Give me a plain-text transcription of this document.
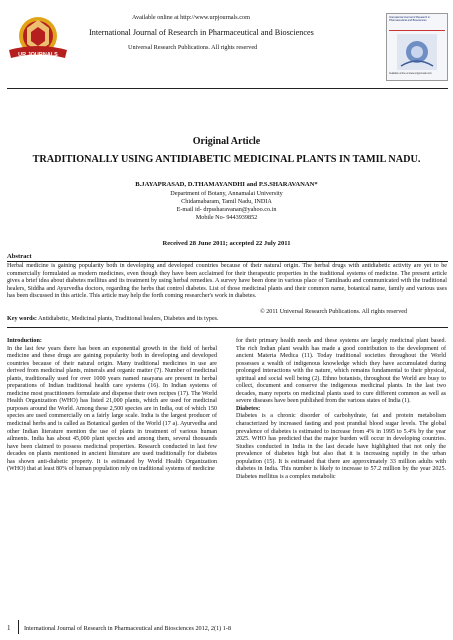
UR JOURNALS
Available online at http://www.urpjournals.com
International Journal of Research in Pharmaceutical and Biosciences
Universal Research Publications. All rights reserved
International Journal of Research in Pharmaceutical and Biosciences
Available online at www.urpjournals.com
Original Article
TRADITIONALLY USING ANTIDIABETIC MEDICINAL PLANTS IN TAMIL NADU.
B.JAYAPRASAD, D.THAMAYANDHI and P.S.SHARAVANAN*
Department of Botany, Annamalai University
Chidamabaram, Tamil Nadu, INDIA
E-mail id- drpssharavanan@yahoo.co.in
Mobile No- 9443939852
Received 28 June 2011; accepted 22 July 2011
Abstract
Herbal medicine is gaining popularity both in developing and developed countries because of their natural origin. The herbal drugs with antidiabetic activity are yet to be commercially formulated as modern medicines, even though they have been acclaimed for their therapeutic properties in the traditional systems of medicine. The present article gives a brief idea about diabetes mellitus and its treatment by using herbal remedies. A survey have been done in various place of Tamilnadu and communicated with the traditional healers, Siddha and Ayurvedha doctors, regarding the herbs that control diabetes. List of those medicinal plants and their common name, botanical name, family and various uses has been discussed in this article. This article may help the forth coming researcher's work in diabetes.
© 2011 Universal Research Publications. All rights reserved
Key words: Antidiabetic, Medicinal plants, Traditional healers, Diabetes and its types.

Introduction:

In the last few years there has been an exponential growth in the field of herbal medicine and these drugs are gaining popularity both in developing and developed countries because of their natural origin. Many traditional medicines in use are derived from medicinal plants, minerals and organic matter (7). Number of medicinal plants, traditionally used for over 1000 years named rasayana are present in herbal preparations of Indian traditional health care systems (16). In Indian systems of medicine most practitioners formulate and dispense their own recipes (17). The World Health Organization (WHO) has listed 21,000 plants, which are used for medicinal purposes around the World. Among these 2,500 species are in India, out of which 150 species are used commercially on a fairly large scale. India is the largest producer of medicinal herbs and is called as Botanical garden of the World (17 a). Ayurvedha and other Indian literature mention the use of plants in treatment of various human ailments. India has about 45,000 plant species and among them, several thousands have been claimed to possess medicinal properties. Research conducted in last few decades on plants mentioned in ancient literature are used traditionally for diabetes has shown anti-diabetic property. It is estimated by World Health Organization (WHO) that at least 80% of human population rely on traditional systems of medicine

for their primary health needs and these systems are largely medicinal plant based. The rich Indian plant wealth has made a good contribution to the development of ancient Materia Medica (11). Today traditional societies throughout the World possesses a wealth of indigenous knowledge which they have accumulated during prolonged interactions with the nature, which remains fundamental to their physical, spiritual and social well being (2). Ethno botanists, throughout the World are busy to collect, document and conserve the indigenous medicinal plants. In the last two decades, many reports on medicinal plants used to cure different common as well as severe diseases have been published from the various states of India (1).

Diabetes:

Diabetes is a chronic disorder of carbohydrate, fat and protein metabolism characterized by increased fasting and post prandial blood sugar levels. The global prevalence of diabetes is estimated to increase from 4% in 1995 to 5.4% by the year 2025. WHO has predicted that the major burden will occur in developing countries. Studies conducted in India in the last decade have highlighted that not only the prevalence of diabetes high but also that it is increasing rapidly in the urban population (15). It is estimated that there are approximately 33 million adults with diabetes in India. This number is likely to increase to 57.2 million by the year 2025. Diabetes mellitus is a complex metabolic

1 International Journal of Research in Pharmaceutical and Biosciences 2012, 2(1) 1-8
